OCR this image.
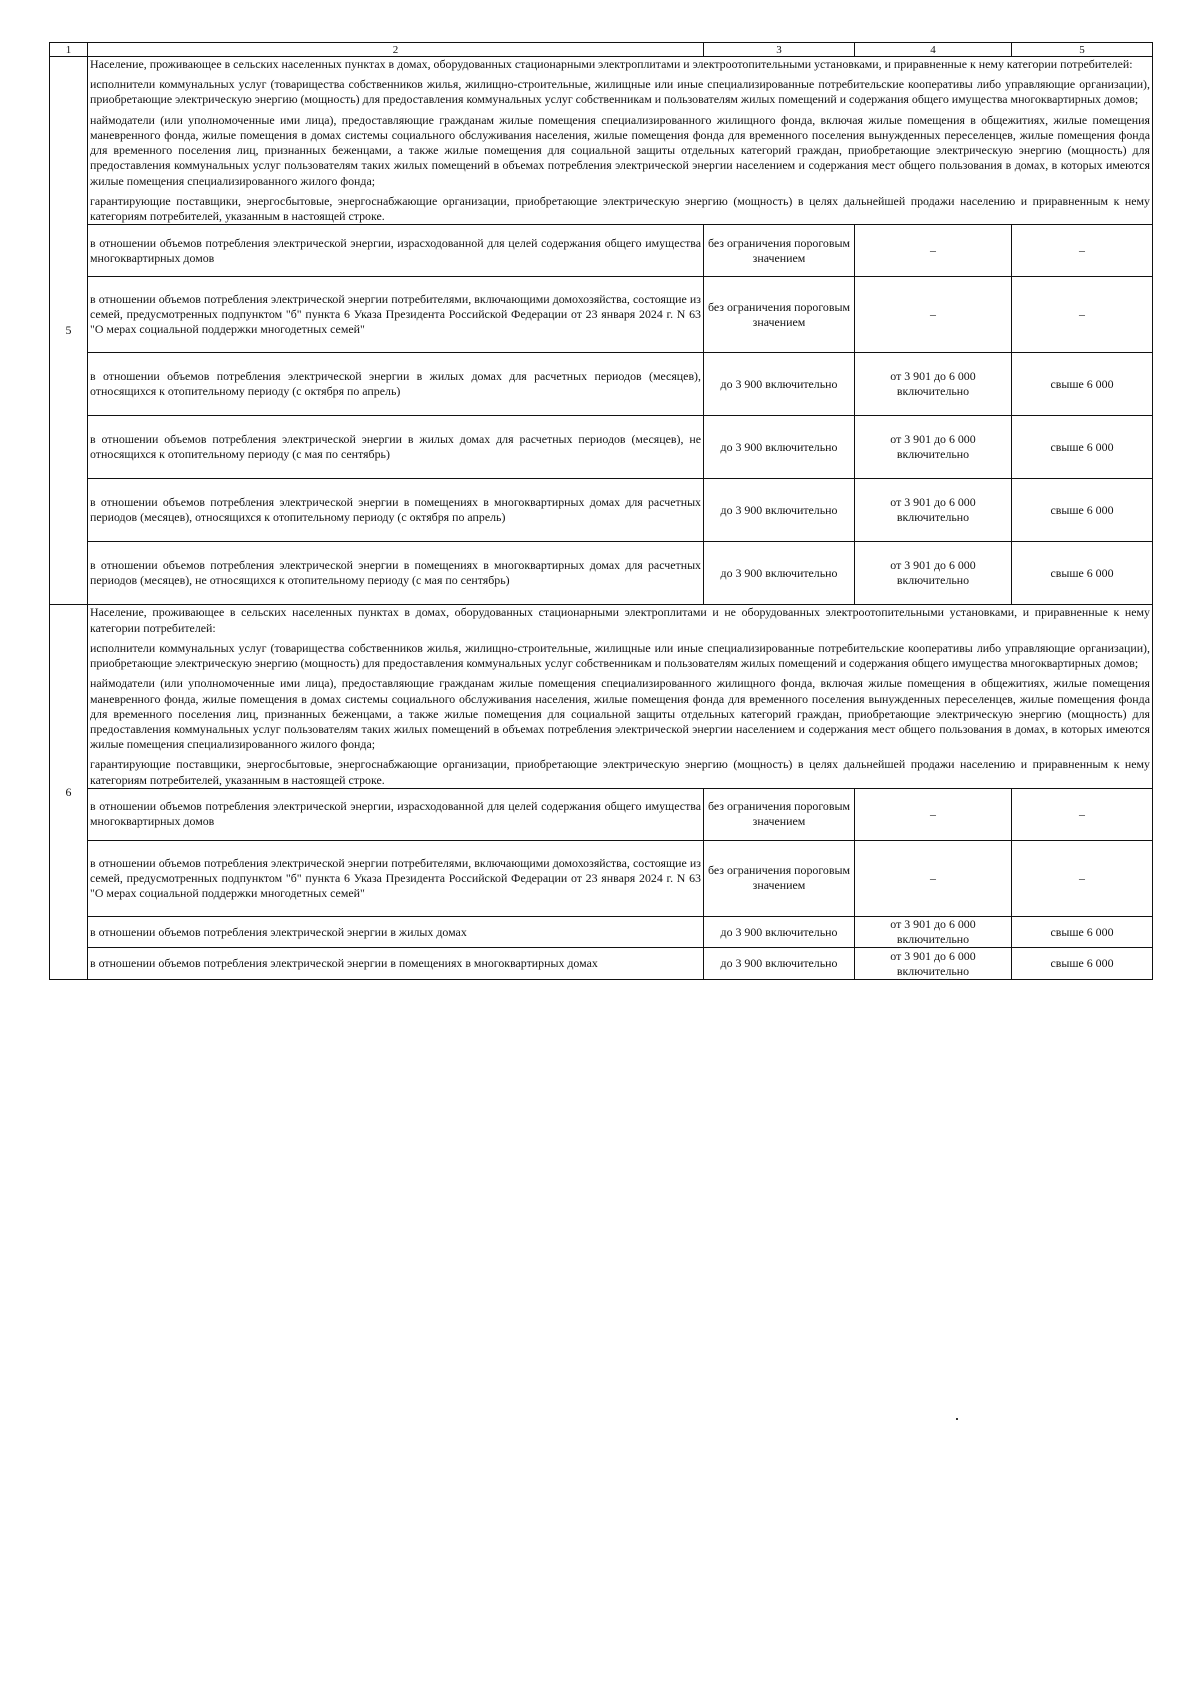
1	2	3	4	5
5	Население, проживающее в сельских населенных пунктах в домах, оборудованных стационарными электроплитами и электроотопительными установками, и приравненные к нему категории потребителей:

исполнители коммунальных услуг (товарищества собственников жилья, жилищно-строительные, жилищные или иные специализированные потребительские кооперативы либо управляющие организации), приобретающие электрическую энергию (мощность) для предоставления коммунальных услуг собственникам и пользователям жилых помещений и содержания общего имущества многоквартирных домов;

наймодатели (или уполномоченные ими лица), предоставляющие гражданам жилые помещения специализированного жилищного фонда, включая жилые помещения в общежитиях, жилые помещения маневренного фонда, жилые помещения в домах системы социального обслуживания населения, жилые помещения фонда для временного поселения вынужденных переселенцев, жилые помещения фонда для временного поселения лиц, признанных беженцами, а также жилые помещения для социальной защиты отдельных категорий граждан, приобретающие электрическую энергию (мощность) для предоставления коммунальных услуг пользователям таких жилых помещений в объемах потребления электрической энергии населением и содержания мест общего пользования в домах, в которых имеются жилые помещения специализированного жилого фонда;

гарантирующие поставщики, энергосбытовые, энергоснабжающие организации, приобретающие электрическую энергию (мощность) в целях дальнейшей продажи населению и приравненным к нему категориям потребителей, указанным в настоящей строке.			

	в отношении объемов потребления электрической энергии, израсходованной для целей содержания общего имущества многоквартирных домов	без ограничения пороговым значением	–	–
	в отношении объемов потребления электрической энергии потребителями, включающими домохозяйства, состоящие из семей, предусмотренных подпунктом "б" пункта 6 Указа Президента Российской Федерации от 23 января 2024 г. N 63 "О мерах социальной поддержки многодетных семей"	без ограничения пороговым значением	–	–
	в отношении объемов потребления электрической энергии в жилых домах для расчетных периодов (месяцев), относящихся к отопительному периоду (с октября по апрель)	до 3 900 включительно	от 3 901 до 6 000 включительно	свыше 6 000
	в отношении объемов потребления электрической энергии в жилых домах для расчетных периодов (месяцев), не относящихся к отопительному периоду (с мая по сентябрь)	до 3 900 включительно	от 3 901 до 6 000 включительно	свыше 6 000
	в отношении объемов потребления электрической энергии в помещениях в многоквартирных домах для расчетных периодов (месяцев), относящихся к отопительному периоду (с октября по апрель)	до 3 900 включительно	от 3 901 до 6 000 включительно	свыше 6 000
	в отношении объемов потребления электрической энергии в помещениях в многоквартирных домах для расчетных периодов (месяцев), не относящихся к отопительному периоду (с мая по сентябрь)	до 3 900 включительно	от 3 901 до 6 000 включительно	свыше 6 000
6	Население, проживающее в сельских населенных пунктах в домах, оборудованных стационарными электроплитами и не оборудованных электроотопительными установками, и приравненные к нему категории потребителей:

исполнители коммунальных услуг (товарищества собственников жилья, жилищно-строительные, жилищные или иные специализированные потребительские кооперативы либо управляющие организации), приобретающие электрическую энергию (мощность) для предоставления коммунальных услуг собственникам и пользователям жилых помещений и содержания общего имущества многоквартирных домов;

наймодатели (или уполномоченные ими лица), предоставляющие гражданам жилые помещения специализированного жилищного фонда, включая жилые помещения в общежитиях, жилые помещения маневренного фонда, жилые помещения в домах системы социального обслуживания населения, жилые помещения фонда для временного поселения вынужденных переселенцев, жилые помещения фонда для временного поселения лиц, признанных беженцами, а также жилые помещения для социальной защиты отдельных категорий граждан, приобретающие электрическую энергию (мощность) для предоставления коммунальных услуг пользователям таких жилых помещений в объемах потребления электрической энергии населением и содержания мест общего пользования в домах, в которых имеются жилые помещения специализированного жилого фонда;

гарантирующие поставщики, энергосбытовые, энергоснабжающие организации, приобретающие электрическую энергию (мощность) в целях дальнейшей продажи населению и приравненным к нему категориям потребителей, указанным в настоящей строке.			

	в отношении объемов потребления электрической энергии, израсходованной для целей содержания общего имущества многоквартирных домов	без ограничения пороговым значением	–	–
	в отношении объемов потребления электрической энергии потребителями, включающими домохозяйства, состоящие из семей, предусмотренных подпунктом "б" пункта 6 Указа Президента Российской Федерации от 23 января 2024 г. N 63 "О мерах социальной поддержки многодетных семей"	без ограничения пороговым значением	–	–
	в отношении объемов потребления электрической энергии в жилых домах	до 3 900 включительно	от 3 901 до 6 000 включительно	свыше 6 000
	в отношении объемов потребления электрической энергии в помещениях в многоквартирных домах	до 3 900 включительно	от 3 901 до 6 000 включительно	свыше 6 000
